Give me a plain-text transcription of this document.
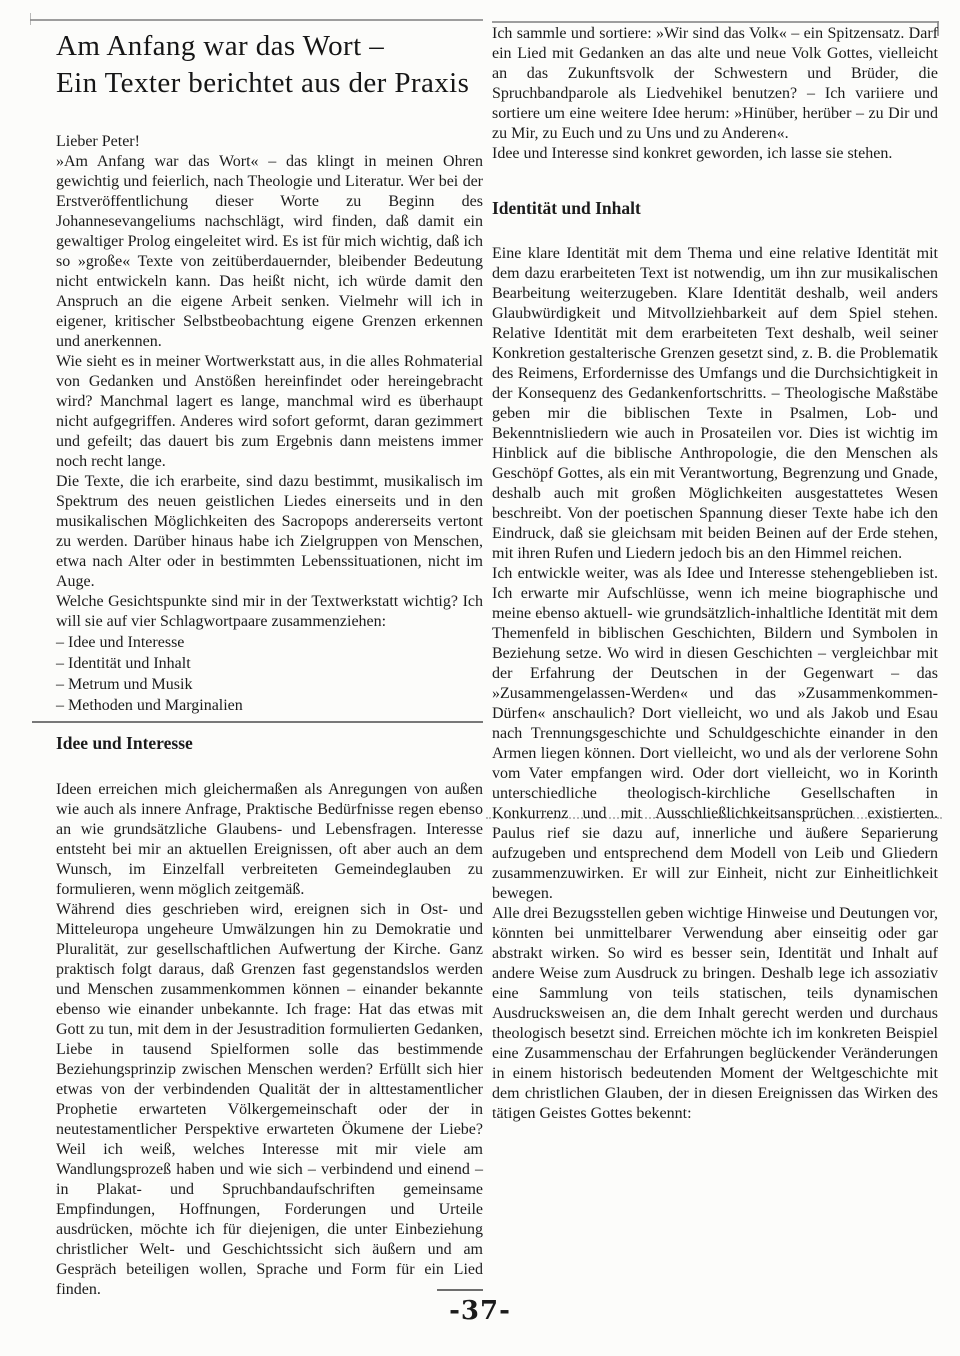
Am Anfang war das Wort –
Ein Texter berichtet aus der Praxis

Lieber Peter!

»Am Anfang war das Wort« – das klingt in meinen Ohren gewichtig und feierlich, nach Theologie und Literatur. Wer bei der Erstveröffentlichung dieser Worte zu Beginn des Johannesevangeliums nachschlägt, wird finden, daß damit ein gewaltiger Prolog eingeleitet wird. Es ist für mich wichtig, daß ich so »große« Texte von zeitüberdauernder, bleibender Bedeutung nicht entwickeln kann. Das heißt nicht, ich würde damit den Anspruch an die eigene Arbeit senken. Vielmehr will ich in eigener, kritischer Selbstbeobachtung eigene Grenzen erkennen und anerkennen.

Wie sieht es in meiner Wortwerkstatt aus, in die alles Rohmaterial von Gedanken und Anstößen hereinfindet oder hereingebracht wird? Manchmal lagert es lange, manchmal wird es überhaupt nicht aufgegriffen. Anderes wird sofort geformt, daran gezimmert und gefeilt; das dauert bis zum Ergebnis dann meistens immer noch recht lange.

Die Texte, die ich erarbeite, sind dazu bestimmt, musikalisch im Spektrum des neuen geistlichen Liedes einerseits und in den musikalischen Möglichkeiten des Sacropops andererseits vertont zu werden. Darüber hinaus habe ich Zielgruppen von Menschen, etwa nach Alter oder in bestimmten Lebenssituationen, nicht im Auge.

Welche Gesichtspunkte sind mir in der Textwerkstatt wichtig? Ich will sie auf vier Schlagwortpaare zusammenziehen:

– Idee und Interesse

– Identität und Inhalt

– Metrum und Musik

– Methoden und Marginalien

Idee und Interesse

Ideen erreichen mich gleichermaßen als Anregungen von außen wie auch als innere Anfrage, Praktische Bedürfnisse regen ebenso an wie grundsätzliche Glaubens- und Lebensfragen. Interesse entsteht bei mir an aktuellen Ereignissen, oft aber auch an dem Wunsch, im Einzelfall verbreiteten Gemeindeglauben zu formulieren, wenn möglich zeitgemäß.

Während dies geschrieben wird, ereignen sich in Ost- und Mitteleuropa ungeheure Umwälzungen hin zu Demokratie und Pluralität, zur gesellschaftlichen Aufwertung der Kirche. Ganz praktisch folgt daraus, daß Grenzen fast gegenstandslos werden und Menschen zusammenkommen können – einander bekannte ebenso wie einander unbekannte. Ich frage: Hat das etwas mit Gott zu tun, mit dem in der Jesustradition formulierten Gedanken, Liebe in tausend Spielformen solle das bestimmende Beziehungsprinzip zwischen Menschen werden? Erfüllt sich hier etwas von der verbindenden Qualität der in alttestamentlicher Prophetie erwarteten Völkergemeinschaft oder der in neutestamentlicher Perspektive erwarteten Ökumene der Liebe? Weil ich weiß, welches Interesse mit mir viele am Wandlungsprozeß haben und wie sich – verbindend und einend – in Plakat- und Spruchbandaufschriften gemeinsame Empfindungen, Hoffnungen, Forderungen und Urteile ausdrücken, möchte ich für diejenigen, die unter Einbeziehung christlicher Welt- und Geschichtssicht sich äußern und am Gespräch beteiligen wollen, Sprache und Form für ein Lied finden.

Ich sammle und sortiere: »Wir sind das Volk« – ein Spitzensatz. Darf ein Lied mit Gedanken an das alte und neue Volk Gottes, vielleicht an das Zukunftsvolk der Schwestern und Brüder, die Spruchbandparole als Liedvehikel benutzen? – Ich variiere und sortiere um eine weitere Idee herum: »Hinüber, herüber – zu Dir und zu Mir, zu Euch und zu Uns und zu Anderen«.

Idee und Interesse sind konkret geworden, ich lasse sie stehen.

Identität und Inhalt

Eine klare Identität mit dem Thema und eine relative Identität mit dem dazu erarbeiteten Text ist notwendig, um ihn zur musikalischen Bearbeitung weiterzugeben. Klare Identität deshalb, weil anders Glaubwürdigkeit und Mitvollziehbarkeit auf dem Spiel stehen. Relative Identität mit dem erarbeiteten Text deshalb, weil seiner Konkretion gestalterische Grenzen gesetzt sind, z. B. die Problematik des Reimens, Erfordernisse des Umfangs und die Durchsichtigkeit in der Konsequenz des Gedankenfortschritts. – Theologische Maßstäbe geben mir die biblischen Texte in Psalmen, Lob- und Bekenntnisliedern wie auch in Prosateilen vor. Dies ist wichtig im Hinblick auf die biblische Anthropologie, die den Menschen als Geschöpf Gottes, als ein mit Verantwortung, Begrenzung und Gnade, deshalb auch mit großen Möglichkeiten ausgestattetes Wesen beschreibt. Von der poetischen Spannung dieser Texte habe ich den Eindruck, daß sie gleichsam mit beiden Beinen auf der Erde stehen, mit ihren Rufen und Liedern jedoch bis an den Himmel reichen.

Ich entwickle weiter, was als Idee und Interesse stehengeblieben ist. Ich erwarte mir Aufschlüsse, wenn ich meine biographische und meine ebenso aktuell- wie grundsätzlich-inhaltliche Identität mit dem Themenfeld in biblischen Geschichten, Bildern und Symbolen in Beziehung setze. Wo wird in diesen Geschichten – vergleichbar mit der Erfahrung der Deutschen in der Gegenwart – das »Zusammengelassen-Werden« und das »Zusammenkommen-Dürfen« anschaulich? Dort vielleicht, wo und als Jakob und Esau nach Trennungsgeschichte und Schuldgeschichte einander in den Armen liegen können. Dort vielleicht, wo und als der verlorene Sohn vom Vater empfangen wird. Oder dort vielleicht, wo in Korinth unterschiedliche theologisch-kirchliche Gesellschaften in Konkurrenz und mit Ausschließlichkeitsansprüchen existierten. Paulus rief sie dazu auf, innerliche und äußere Separierung aufzugeben und entsprechend dem Modell von Leib und Gliedern zusammenzuwirken. Er will zur Einheit, nicht zur Einheitlichkeit bewegen.

Alle drei Bezugsstellen geben wichtige Hinweise und Deutungen vor, könnten bei unmittelbarer Verwendung aber einseitig oder gar abstrakt wirken. So wird es besser sein, Identität und Inhalt auf andere Weise zum Ausdruck zu bringen. Deshalb lege ich assoziativ eine Sammlung von teils statischen, teils dynamischen Ausdrucksweisen an, die dem Inhalt gerecht werden und durchaus theologisch besetzt sind. Erreichen möchte ich im konkreten Beispiel eine Zusammenschau der Erfahrungen beglückender Veränderungen in einem historisch bedeutenden Moment der Weltgeschichte mit dem christlichen Glauben, der in diesen Ereignissen das Wirken des tätigen Geistes Gottes bekennt:

-37-
